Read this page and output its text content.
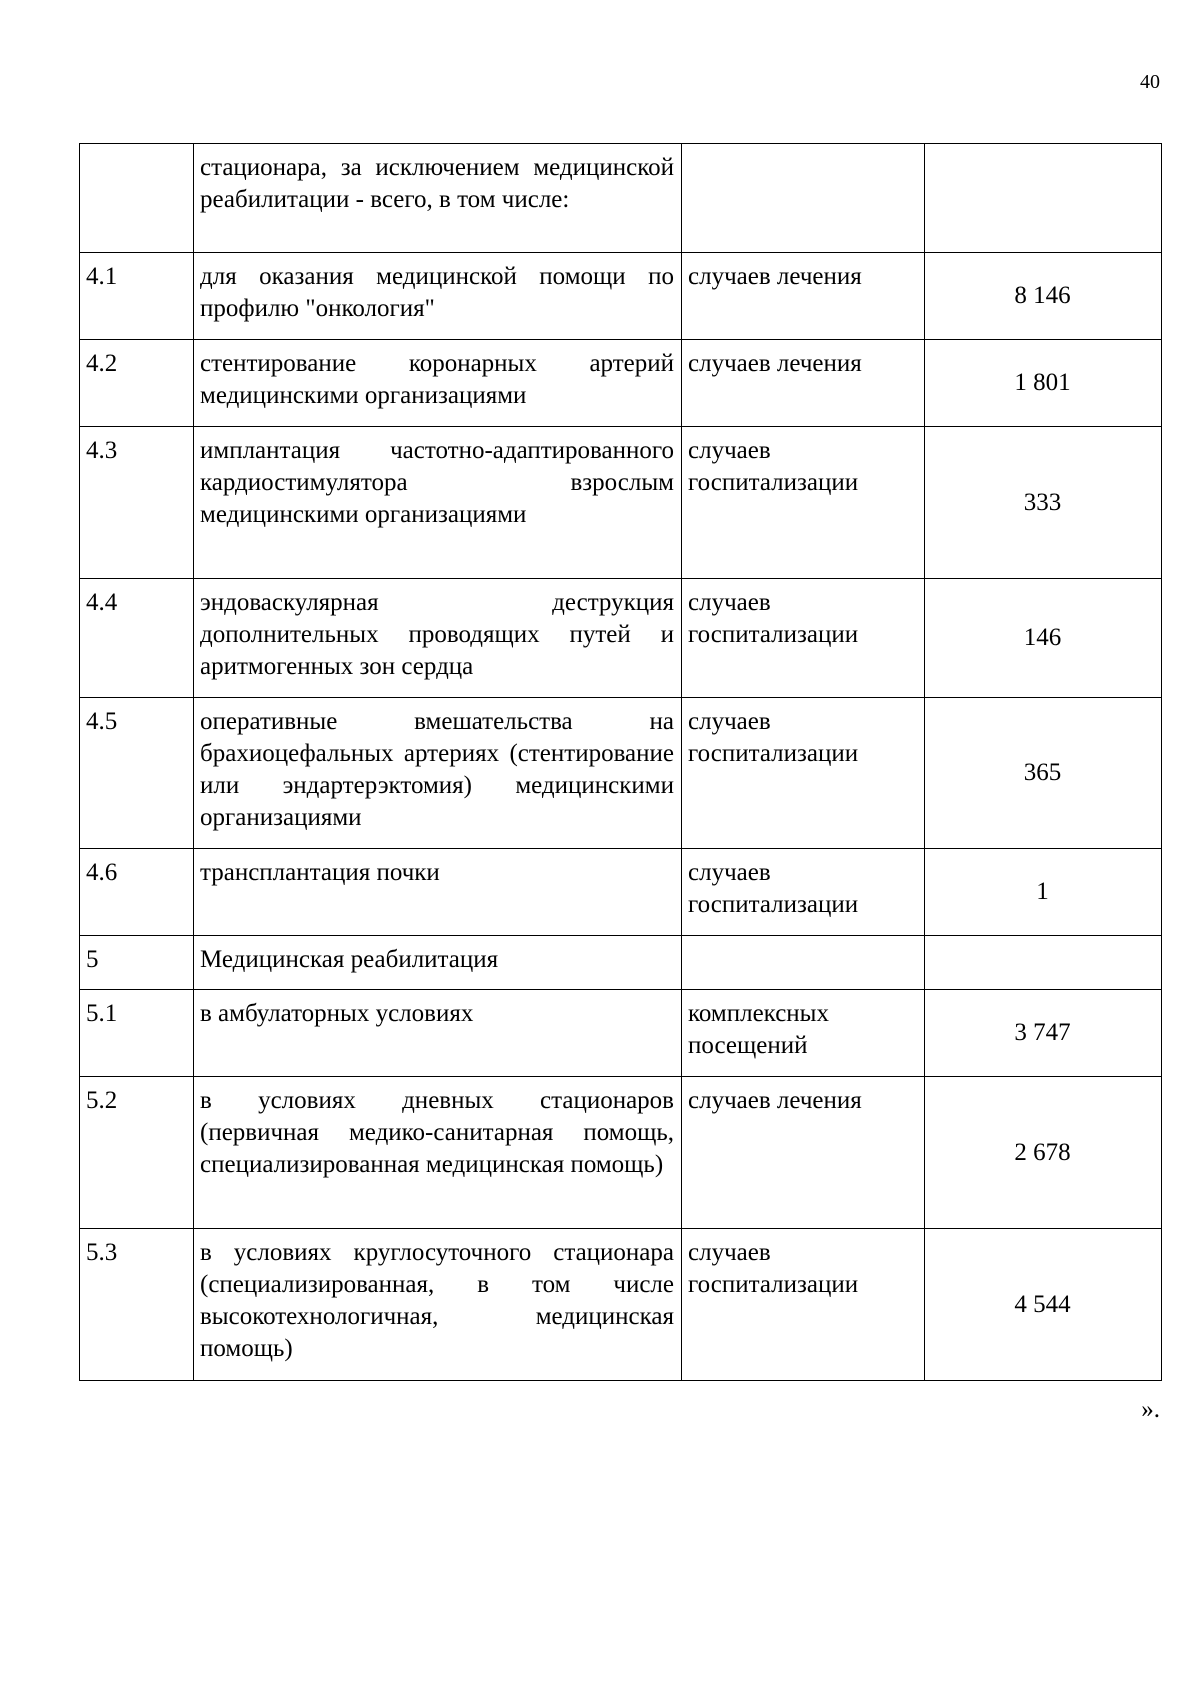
40
	стационара, за исключением медицинской реабилитации - всего, в том числе:		
4.1	для оказания медицинской помощи по профилю "онкология"	случаев лечения	8 146
4.2	стентирование коронарных артерий медицинскими организациями	случаев лечения	1 801
4.3	имплантация частотно-адаптированного кардиостимулятора взрослым медицинскими организациями	случаев госпитализации	333
4.4	эндоваскулярная деструкция дополнительных проводящих путей и аритмогенных зон сердца	случаев госпитализации	146
4.5	оперативные вмешательства на брахиоцефальных артериях (стентирование или эндартерэктомия) медицинскими организациями	случаев госпитализации	365
4.6	трансплантация почки	случаев госпитализации	1
5	Медицинская реабилитация		
5.1	в амбулаторных условиях	комплексных посещений	3 747
5.2	в условиях дневных стационаров (первичная медико-санитарная помощь, специализированная медицинская помощь)	случаев лечения	2 678
5.3	в условиях круглосуточного стационара (специализированная, в том числе высокотехнологичная, медицинская помощь)	случаев госпитализации	4 544
».
